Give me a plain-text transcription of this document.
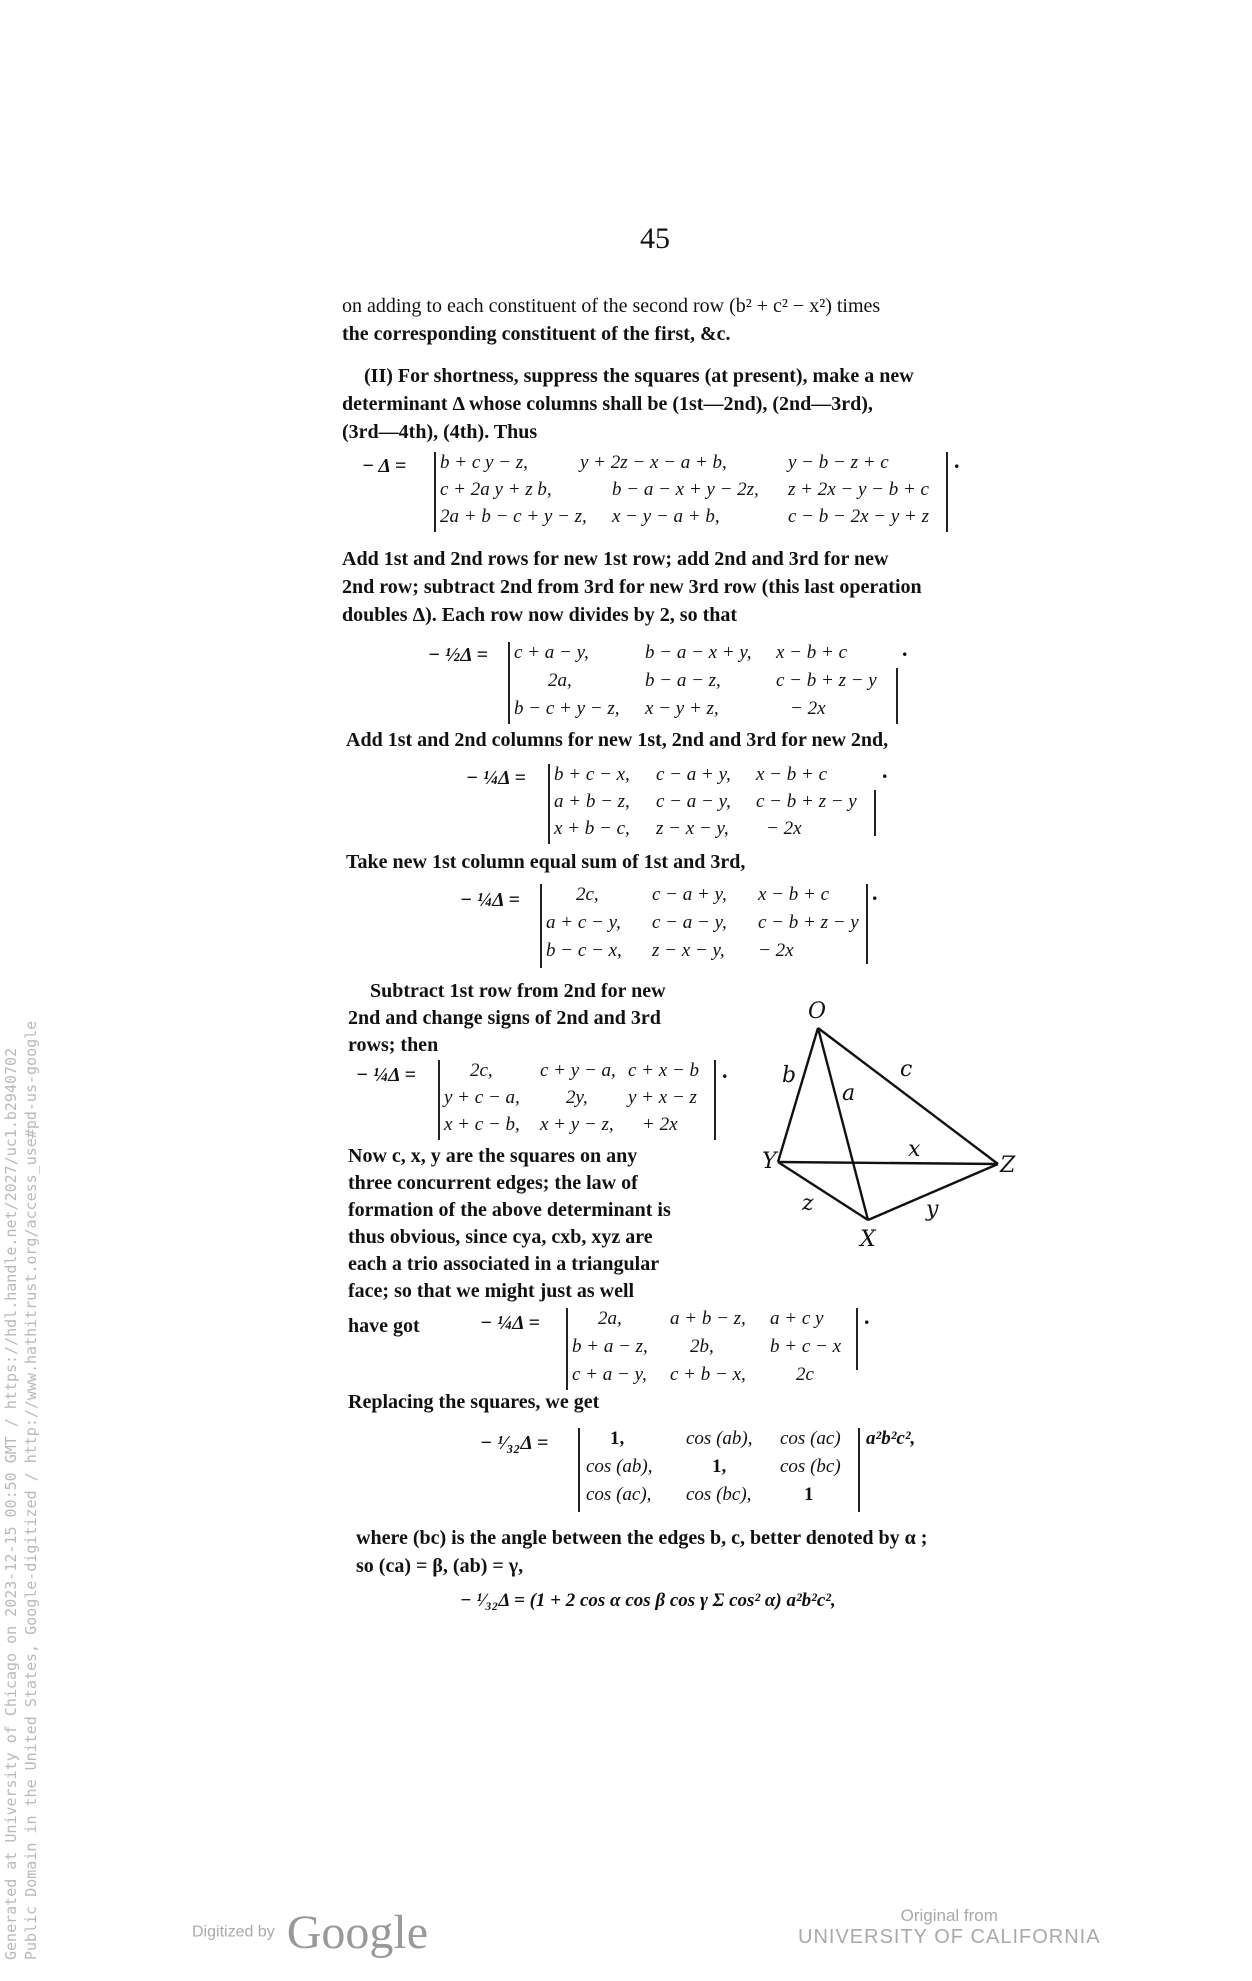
45
on adding to each constituent of the second row (b² + c² − x²) times
the corresponding constituent of the first, &c.
(II) For shortness, suppress the squares (at present), make a new
determinant Δ whose columns shall be (1st—2nd), (2nd—3rd),
(3rd—4th), (4th). Thus
− Δ = b + c y − z,	y + 2z − x − a + b,	y − b − z + c
c + 2a y + z b,	b − a − x + y − 2z, z + 2x − y − b + c
2a + b − c + y − z, x − y − a + b,	c − b − 2x − y + z
.
Add 1st and 2nd rows for new 1st row; add 2nd and 3rd for new
2nd row; subtract 2nd from 3rd for new 3rd row (this last operation
doubles Δ). Each row now divides by 2, so that
− ½Δ = c + a − y,	b − a − x + y, x − b + c
2a,	b − a − z,	c − b + z − y
b − c + y − z, x − y + z,	− 2x
.
Add 1st and 2nd columns for new 1st, 2nd and 3rd for new 2nd,
− ¼Δ = b + c − x, c − a + y, x − b + c
a + b − z, c − a − y, c − b + z − y
x + b − c, z − x − y, − 2x
.
Take new 1st column equal sum of 1st and 3rd,
− ¼Δ =	2c,	c − a + y, x − b + c
a + c − y, c − a − y, c − b + z − y
b − c − x, z − x − y, − 2x
.
Subtract 1st row from 2nd for new
2nd and change signs of 2nd and 3rd
rows; then
− ¼Δ =	2c, c + y − a, c + x − b
y + c − a, 2y, y + x − z
x + c − b, x + y − z, + 2x
.
Now c, x, y are the squares on any
three concurrent edges; the law of
formation of the above determinant is
thus obvious, since cya, cxb, xyz are
each a trio associated in a triangular
face; so that we might just as well
have got	− ¼Δ =	2a,	a + b − z, a + c y
b + a − z, 2b,	b + c − x
c + a − y, c + b − x,	2c
.
Replacing the squares, we get
− ¹⁄₃₂Δ =	1,	cos (ab), cos (ac)
cos (ab),	1,	cos (bc)
cos (ac), cos (bc),	1
a²b²c²,
where (bc) is the angle between the edges b, c, better denoted by α ;
so (ca) = β, (ab) = γ,
− ¹⁄₃₂Δ = (1 + 2 cos α cos β cos γ Σ cos² α) a²b²c²,
O
Y	Z
X
b
a
c
x
z	y
Generated at University of Chicago on 2023-12-15 00:50 GMT / https://hdl.handle.net/2027/uc1.b2940702 Public Domain in the United States, Google-digitized / http://www.hathitrust.org/access_use#pd-us-google	Digitized by Google	Original from
UNIVERSITY OF CALIFORNIA
